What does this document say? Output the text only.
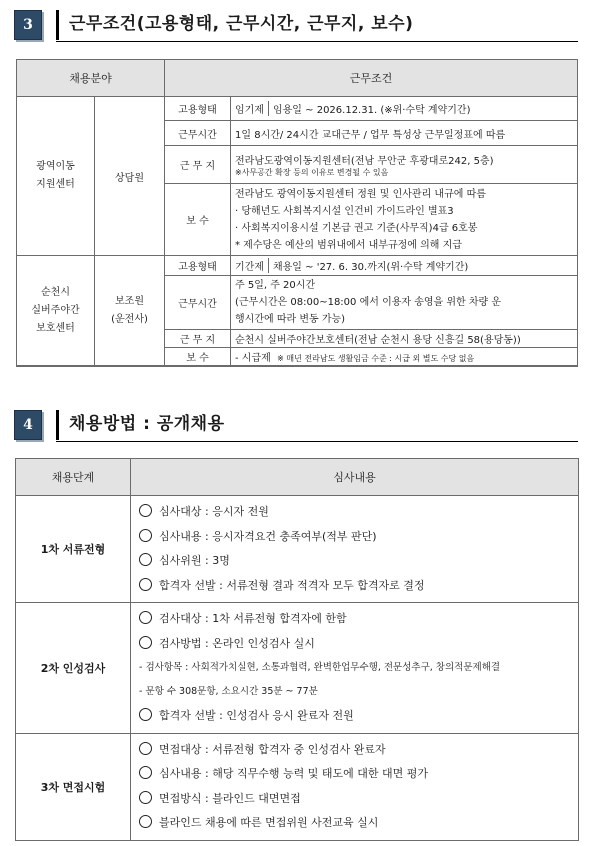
3	근무조건(고용형태, 근무시간, 근무지, 보수)
채용분야		근무조건	
광역이동
지원센터	상담원	고용형태	임기제 임용일 ~ 2026.12.31. (※위·수탁 계약기간)
		근무시간	1일 8시간/ 24시간 교대근무 / 업무 특성상 근무일정표에 따름
		근 무 지	전라남도광역이동지원센터(전남 무안군 후광대로242, 5층)
※사무공간 확장 등의 이유로 변경될 수 있음

		보 수	전라남도 광역이동지원센터 정원 및 인사관리 내규에 따름
· 당해년도 사회복지시설 인건비 가이드라인 별표3
· 사회복지이용시설 기본급 권고 기준(사무직)4급 6호봉
* 제수당은 예산의 범위내에서 내부규정에 의해 지급

순천시
실버주야간
보호센터	보조원
(운전사)	고용형태	기간제 채용일 ~ '27. 6. 30.까지(위·수탁 계약기간)
		근무시간	주 5일, 주 20시간
(근무시간은 08:00~18:00 에서 이용자 송영을 위한 차량 운
행시간에 따라 변동 가능)

		근 무 지	순천시 실버주야간보호센터(전남 순천시 용당 신흥길 58(용당동))
		보 수	- 시급제 ※ 매년 전라남도 생활임금 수준 : 시급 외 별도 수당 없음
4	채용방법 : 공개채용
채용단계	심사내용
1차 서류전형	심사대상 : 응시자 전원
심사내용 : 응시자격요건 충족여부(적부 판단)
심사위원 : 3명
합격자 선발 : 서류전형 결과 적격자 모두 합격자로 결정

2차 인성검사	검사대상 : 1차 서류전형 합격자에 한함
검사방법 : 온라인 인성검사 실시
- 검사항목 : 사회적가치실현, 소통과협력, 완벽한업무수행, 전문성추구, 창의적문제해결
- 문항 수 308문항, 소요시간 35분 ~ 77분
합격자 선발 : 인성검사 응시 완료자 전원

3차 면접시험	면접대상 : 서류전형 합격자 중 인성검사 완료자
심사내용 : 해당 직무수행 능력 및 태도에 대한 대면 평가
면접방식 : 블라인드 대면면접
블라인드 채용에 따른 면접위원 사전교육 실시
